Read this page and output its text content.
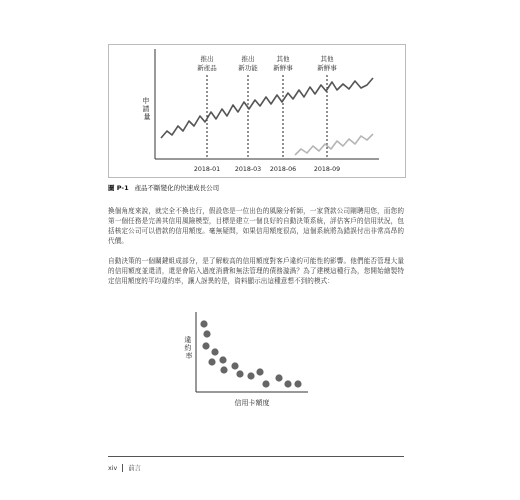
申 請 量
推出
新產品
推出
新功能
其他
新鮮事
其他
新鮮事
2018-01 2018-03 2018-06	2018-09
圖 P-1 產品不斷變化的快速成長公司
換個角度來說，就完全不換也行，假設您是一位出色的風險分析師，一家貸款公司剛聘用您，而您的第一個任務是完善其信用風險模型，目標是建立一個良好的自動決策系統，評估客戶的信用狀況，包括核定公司可以借款的信用額度。毫無疑問，如果信用額度很高，這個系統將為錯誤付出非常高昂的代價。
自動決策的一個關鍵組成部分，是了解較高的信用額度對客戶違約可能性的影響。他們能否管理大量的信用額度並還清，還是會陷入過度消費和無法管理的債務漩渦？為了建模這種行為，您開始繪製特定信用額度的平均違約率，讓人訝異的是，資料顯示出這種意想不到的模式：
違 約 率
信用卡額度
xiv 前言
